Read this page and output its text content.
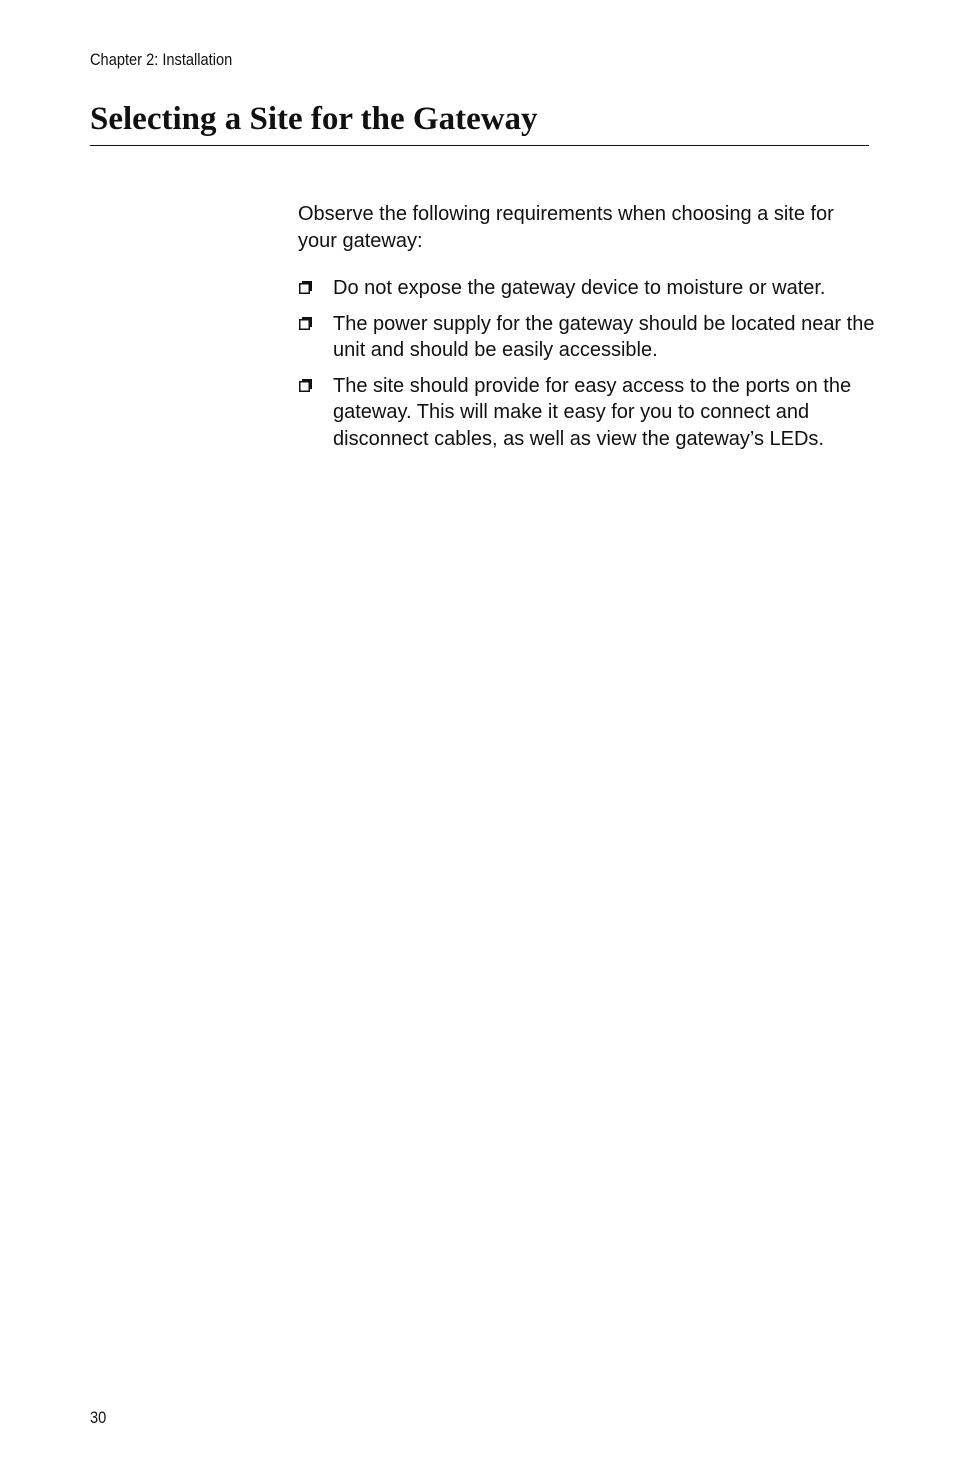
Chapter 2: Installation
Selecting a Site for the Gateway

Observe the following requirements when choosing a site for your gateway:

Do not expose the gateway device to moisture or water.
The power supply for the gateway should be located near the unit and should be easily accessible.
The site should provide for easy access to the ports on the gateway. This will make it easy for you to connect and disconnect cables, as well as view the gateway’s LEDs.
30
